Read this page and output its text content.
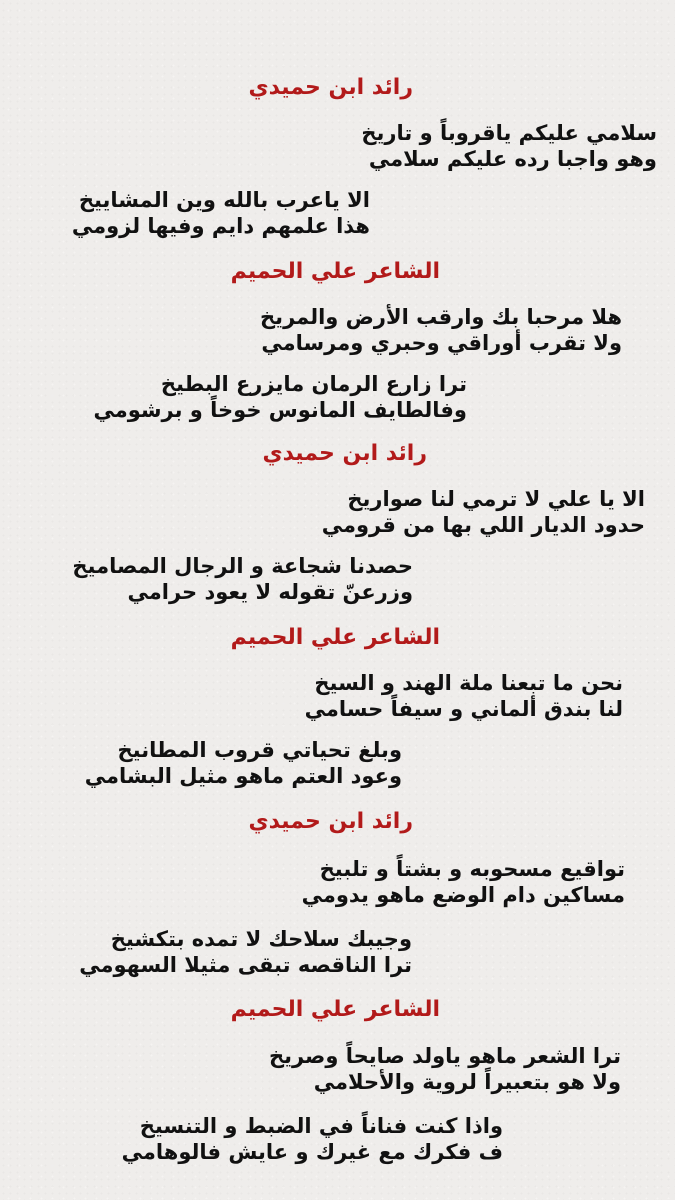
رائد ابن حميدي
سلامي عليكم ياقروباً و تاريخ
وهو واجبا رده عليكم سلامي
الا ياعرب بالله وين المشاييخ
هذا علمهم دايم وفيها لزومي
الشاعر علي الحميم
هلا مرحبا بك وارقب الأرض والمريخ
ولا تقرب أوراقي وحبري ومرسامي
ترا زارع الرمان مايزرع البطيخ
وفالطايف المانوس خوخاً و برشومي
رائد ابن حميدي
الا يا علي لا ترمي لنا صواريخ
حدود الديار اللي بها من قرومي
حصدنا شجاعة و الرجال المصاميخ
وزرعنّ تقوله لا يعود حرامي
الشاعر علي الحميم
نحن ما تبعنا ملة الهند و السيخ
لنا بندق ألماني و سيفاً حسامي
وبلغ تحياتي قروب المطانيخ
وعود العتم ماهو مثيل البشامي
رائد ابن حميدي
تواقيع مسحوبه و بشتاً و تلبيخ
مساكين دام الوضع ماهو يدومي
وجيبك سلاحك لا تمده بتكشيخ
ترا الناقصه تبقى مثيلا السهومي
الشاعر علي الحميم
ترا الشعر ماهو ياولد صايحاً وصريخ
ولا هو بتعبيراً لروية والأحلامي
واذا كنت فناناً في الضبط و التنسيخ
ف فكرك مع غيرك و عايش فالوهامي
